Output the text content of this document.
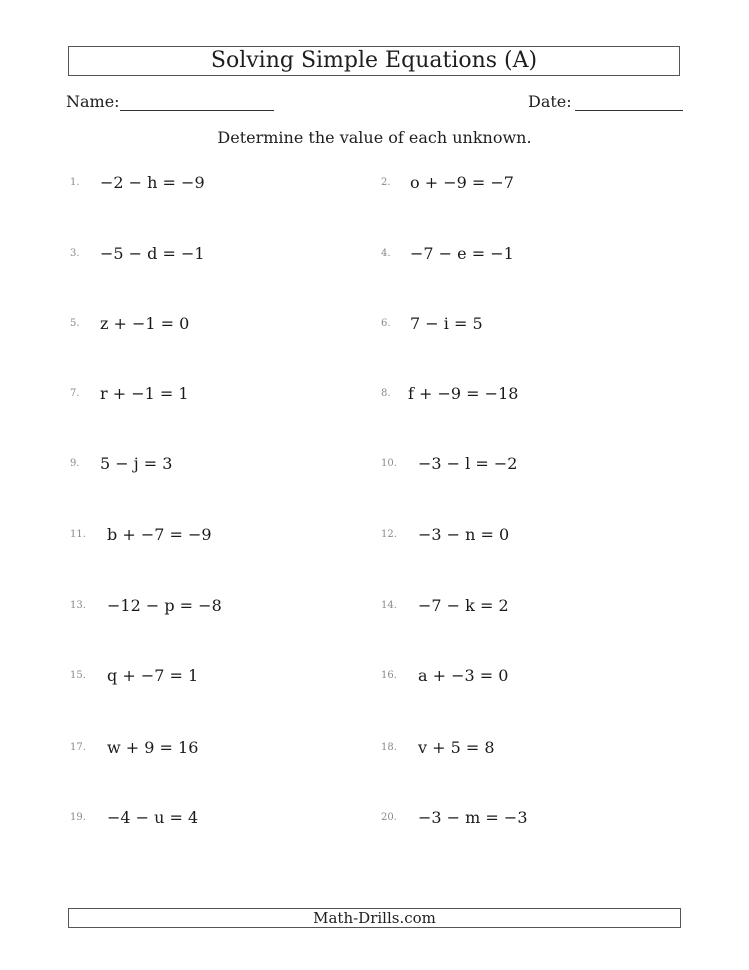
Solving Simple Equations (A)
Name:	Date:
Determine the value of each unknown.
1. −2 − h = −9
3. −5 − d = −1
5. z + −1 = 0
7. r + −1 = 1
9. 5 − j = 3
11. b + −7 = −9
13. −12 − p = −8
15. q + −7 = 1
17. w + 9 = 16
19. −4 − u = 4
2. o + −9 = −7
4. −7 − e = −1
6. 7 − i = 5
8. f + −9 = −18
10. −3 − l = −2
12. −3 − n = 0
14. −7 − k = 2
16. a + −3 = 0
18. v + 5 = 8
20. −3 − m = −3
Math-Drills.com
